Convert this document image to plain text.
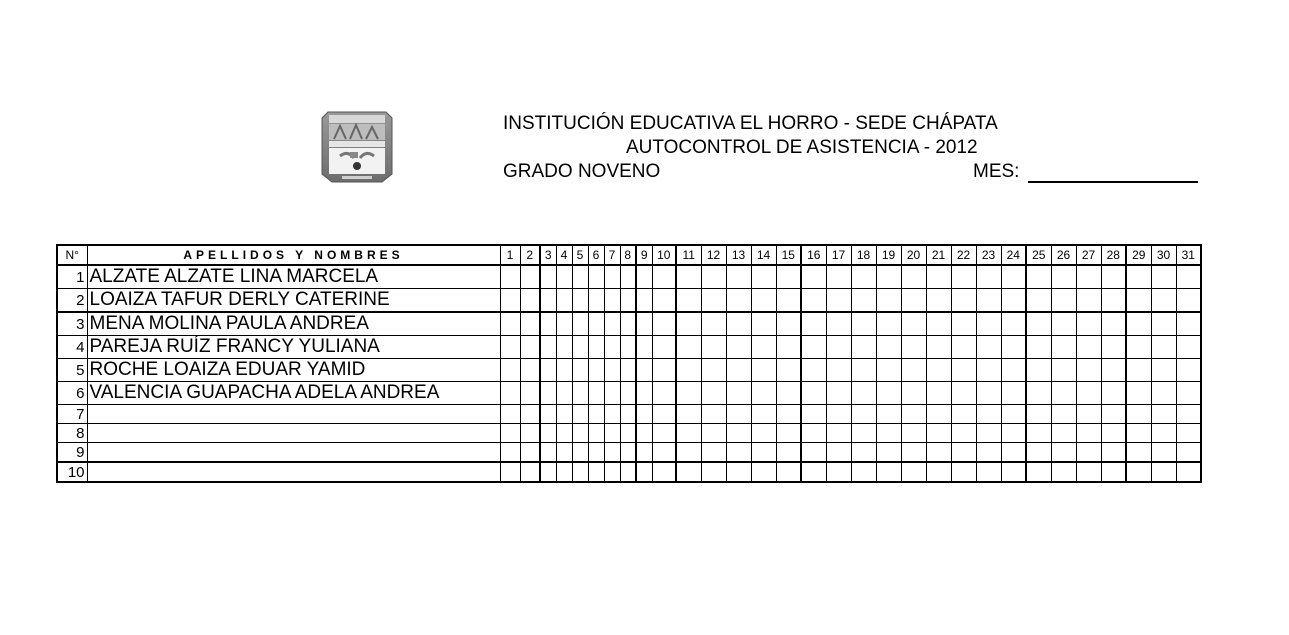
INSTITUCIÓN EDUCATIVA EL HORRO - SEDE CHÁPATA
AUTOCONTROL DE ASISTENCIA - 2012
GRADO NOVENO	MES:
N°	APELLIDOS Y NOMBRES	1	2	3	4	5	6	7	8	9	10	11	12	13	14	15	16	17	18	19	20	21	22	23	24	25	26	27	28	29	30	31
1	ALZATE ALZATE LINA MARCELA																															
2	LOAIZA TAFUR DERLY CATERINE																															
3	MENA MOLINA PAULA ANDREA																															
4	PAREJA RUÍZ FRANCY YULIANA																															
5	ROCHE LOAIZA EDUAR YAMID																															
6	VALENCIA GUAPACHA ADELA ANDREA																															
7																																
8																																
9																																
10																																
